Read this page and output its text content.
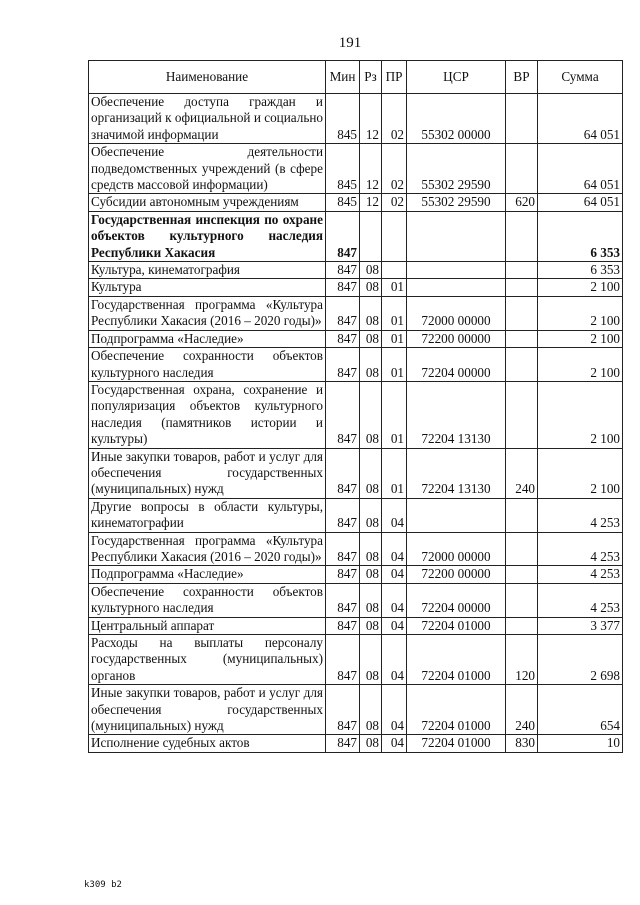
191
Наименование	Мин	Рз	ПР	ЦСР	ВР	Сумма
Обеспечение доступа граждан и организаций к официальной и социально значимой информации	845	12	02	55302 00000		64 051
Обеспечение деятельности подведомственных учреждений (в сфере средств массовой информации)	845	12	02	55302 29590		64 051
Субсидии автономным учреждениям	845	12	02	55302 29590	620	64 051
Государственная инспекция по охране объектов культурного наследия Республики Хакасия	847					6 353
Культура, кинематография	847	08				6 353
Культура	847	08	01			2 100
Государственная программа «Культура Республики Хакасия (2016 – 2020 годы)»	847	08	01	72000 00000		2 100
Подпрограмма «Наследие»	847	08	01	72200 00000		2 100
Обеспечение сохранности объектов культурного наследия	847	08	01	72204 00000		2 100
Государственная охрана, сохранение и популяризация объектов культурного наследия (памятников истории и культуры)	847	08	01	72204 13130		2 100
Иные закупки товаров, работ и услуг для обеспечения государственных (муниципальных) нужд	847	08	01	72204 13130	240	2 100
Другие вопросы в области культуры, кинематографии	847	08	04			4 253
Государственная программа «Культура Республики Хакасия (2016 – 2020 годы)»	847	08	04	72000 00000		4 253
Подпрограмма «Наследие»	847	08	04	72200 00000		4 253
Обеспечение сохранности объектов культурного наследия	847	08	04	72204 00000		4 253
Центральный аппарат	847	08	04	72204 01000		3 377
Расходы на выплаты персоналу государственных (муниципальных) органов	847	08	04	72204 01000	120	2 698
Иные закупки товаров, работ и услуг для обеспечения государственных (муниципальных) нужд	847	08	04	72204 01000	240	654
Исполнение судебных актов	847	08	04	72204 01000	830	10
k309 b2
